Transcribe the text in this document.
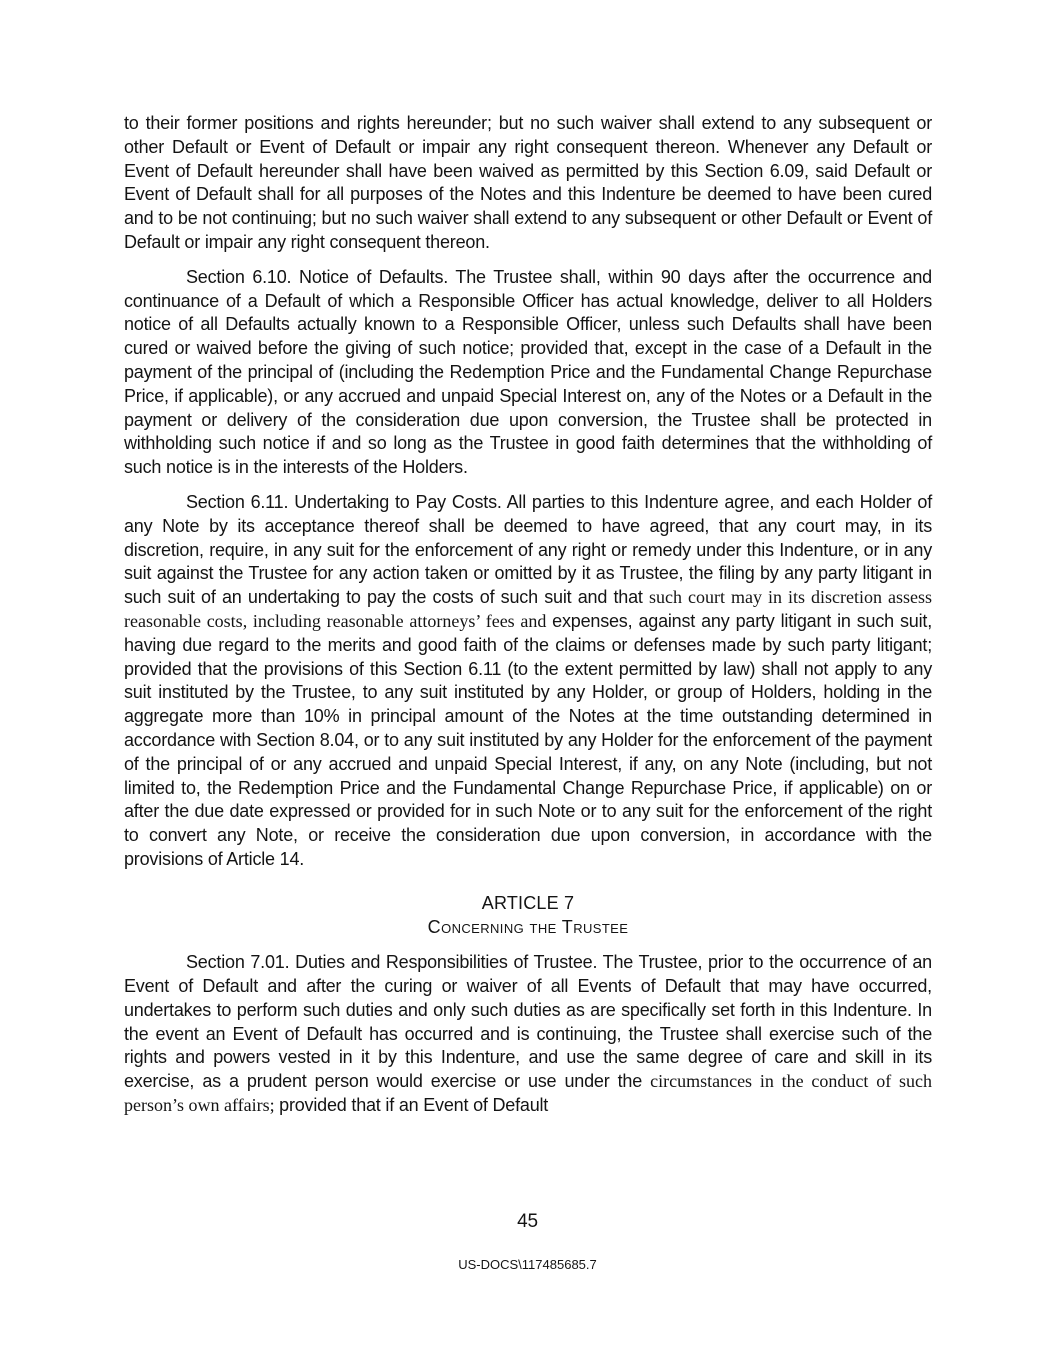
to their former positions and rights hereunder; but no such waiver shall extend to any subsequent or other Default or Event of Default or impair any right consequent thereon. Whenever any Default or Event of Default hereunder shall have been waived as permitted by this Section 6.09, said Default or Event of Default shall for all purposes of the Notes and this Indenture be deemed to have been cured and to be not continuing; but no such waiver shall extend to any subsequent or other Default or Event of Default or impair any right consequent thereon.

Section 6.10. Notice of Defaults. The Trustee shall, within 90 days after the occurrence and continuance of a Default of which a Responsible Officer has actual knowledge, deliver to all Holders notice of all Defaults actually known to a Responsible Officer, unless such Defaults shall have been cured or waived before the giving of such notice; provided that, except in the case of a Default in the payment of the principal of (including the Redemption Price and the Fundamental Change Repurchase Price, if applicable), or any accrued and unpaid Special Interest on, any of the Notes or a Default in the payment or delivery of the consideration due upon conversion, the Trustee shall be protected in withholding such notice if and so long as the Trustee in good faith determines that the withholding of such notice is in the interests of the Holders.

Section 6.11. Undertaking to Pay Costs. All parties to this Indenture agree, and each Holder of any Note by its acceptance thereof shall be deemed to have agreed, that any court may, in its discretion, require, in any suit for the enforcement of any right or remedy under this Indenture, or in any suit against the Trustee for any action taken or omitted by it as Trustee, the filing by any party litigant in such suit of an undertaking to pay the costs of such suit and that such court may in its discretion assess reasonable costs, including reasonable attorneys’ fees and expenses, against any party litigant in such suit, having due regard to the merits and good faith of the claims or defenses made by such party litigant; provided that the provisions of this Section 6.11 (to the extent permitted by law) shall not apply to any suit instituted by the Trustee, to any suit instituted by any Holder, or group of Holders, holding in the aggregate more than 10% in principal amount of the Notes at the time outstanding determined in accordance with Section 8.04, or to any suit instituted by any Holder for the enforcement of the payment of the principal of or any accrued and unpaid Special Interest, if any, on any Note (including, but not limited to, the Redemption Price and the Fundamental Change Repurchase Price, if applicable) on or after the due date expressed or provided for in such Note or to any suit for the enforcement of the right to convert any Note, or receive the consideration due upon conversion, in accordance with the provisions of Article 14.

ARTICLE 7
Concerning the Trustee

Section 7.01. Duties and Responsibilities of Trustee. The Trustee, prior to the occurrence of an Event of Default and after the curing or waiver of all Events of Default that may have occurred, undertakes to perform such duties and only such duties as are specifically set forth in this Indenture. In the event an Event of Default has occurred and is continuing, the Trustee shall exercise such of the rights and powers vested in it by this Indenture, and use the same degree of care and skill in its exercise, as a prudent person would exercise or use under the circumstances in the conduct of such person’s own affairs; provided that if an Event of Default

45
US-DOCS\117485685.7
